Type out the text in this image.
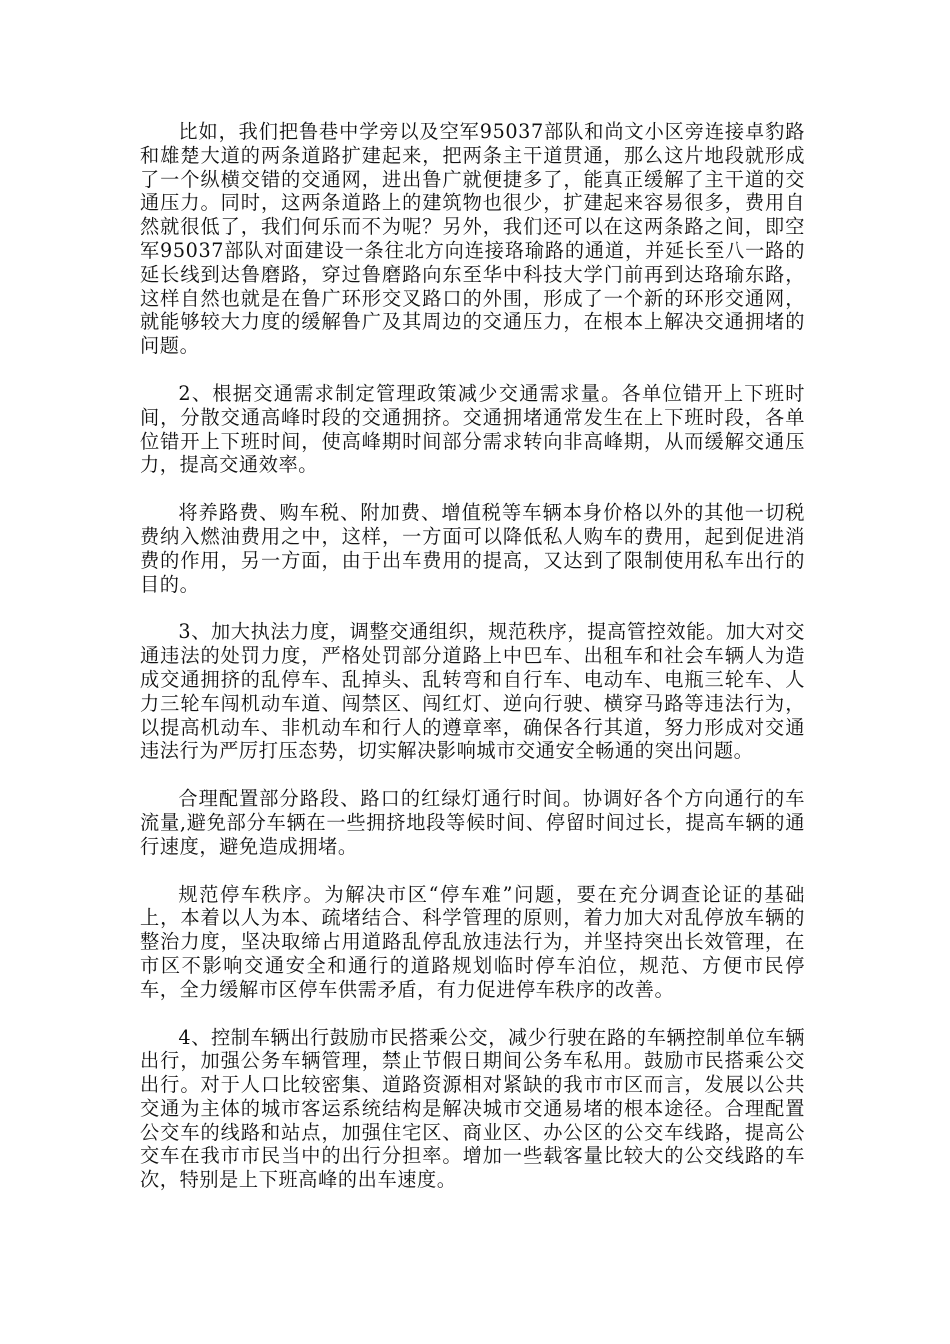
比如，我们把鲁巷中学旁以及空军95037部队和尚文小区旁连接卓豹路和雄楚大道的两条道路扩建起来，把两条主干道贯通，那么这片地段就形成了一个纵横交错的交通网，进出鲁广就便捷多了，能真正缓解了主干道的交通压力。同时，这两条道路上的建筑物也很少，扩建起来容易很多，费用自然就很低了，我们何乐而不为呢？另外，我们还可以在这两条路之间，即空军95037部队对面建设一条往北方向连接珞瑜路的通道，并延长至八一路的延长线到达鲁磨路，穿过鲁磨路向东至华中科技大学门前再到达珞瑜东路，这样自然也就是在鲁广环形交叉路口的外围，形成了一个新的环形交通网，就能够较大力度的缓解鲁广及其周边的交通压力，在根本上解决交通拥堵的问题。

2、根据交通需求制定管理政策减少交通需求量。各单位错开上下班时间，分散交通高峰时段的交通拥挤。交通拥堵通常发生在上下班时段，各单位错开上下班时间，使高峰期时间部分需求转向非高峰期，从而缓解交通压力，提高交通效率。

将养路费、购车税、附加费、增值税等车辆本身价格以外的其他一切税费纳入燃油费用之中，这样，一方面可以降低私人购车的费用，起到促进消费的作用，另一方面，由于出车费用的提高，又达到了限制使用私车出行的目的。

3、加大执法力度，调整交通组织，规范秩序，提高管控效能。加大对交通违法的处罚力度，严格处罚部分道路上中巴车、出租车和社会车辆人为造成交通拥挤的乱停车、乱掉头、乱转弯和自行车、电动车、电瓶三轮车、人力三轮车闯机动车道、闯禁区、闯红灯、逆向行驶、横穿马路等违法行为，以提高机动车、非机动车和行人的遵章率，确保各行其道，努力形成对交通违法行为严厉打压态势，切实解决影响城市交通安全畅通的突出问题。

合理配置部分路段、路口的红绿灯通行时间。协调好各个方向通行的车流量,避免部分车辆在一些拥挤地段等候时间、停留时间过长，提高车辆的通行速度，避免造成拥堵。

规范停车秩序。为解决市区“停车难”问题，要在充分调查论证的基础上，本着以人为本、疏堵结合、科学管理的原则，着力加大对乱停放车辆的整治力度，坚决取缔占用道路乱停乱放违法行为，并坚持突出长效管理，在市区不影响交通安全和通行的道路规划临时停车泊位，规范、方便市民停车，全力缓解市区停车供需矛盾，有力促进停车秩序的改善。

4、控制车辆出行鼓励市民搭乘公交，减少行驶在路的车辆控制单位车辆出行，加强公务车辆管理，禁止节假日期间公务车私用。鼓励市民搭乘公交出行。对于人口比较密集、道路资源相对紧缺的我市市区而言，发展以公共交通为主体的城市客运系统结构是解决城市交通易堵的根本途径。合理配置公交车的线路和站点，加强住宅区、商业区、办公区的公交车线路，提高公交车在我市市民当中的出行分担率。增加一些载客量比较大的公交线路的车次，特别是上下班高峰的出车速度。
